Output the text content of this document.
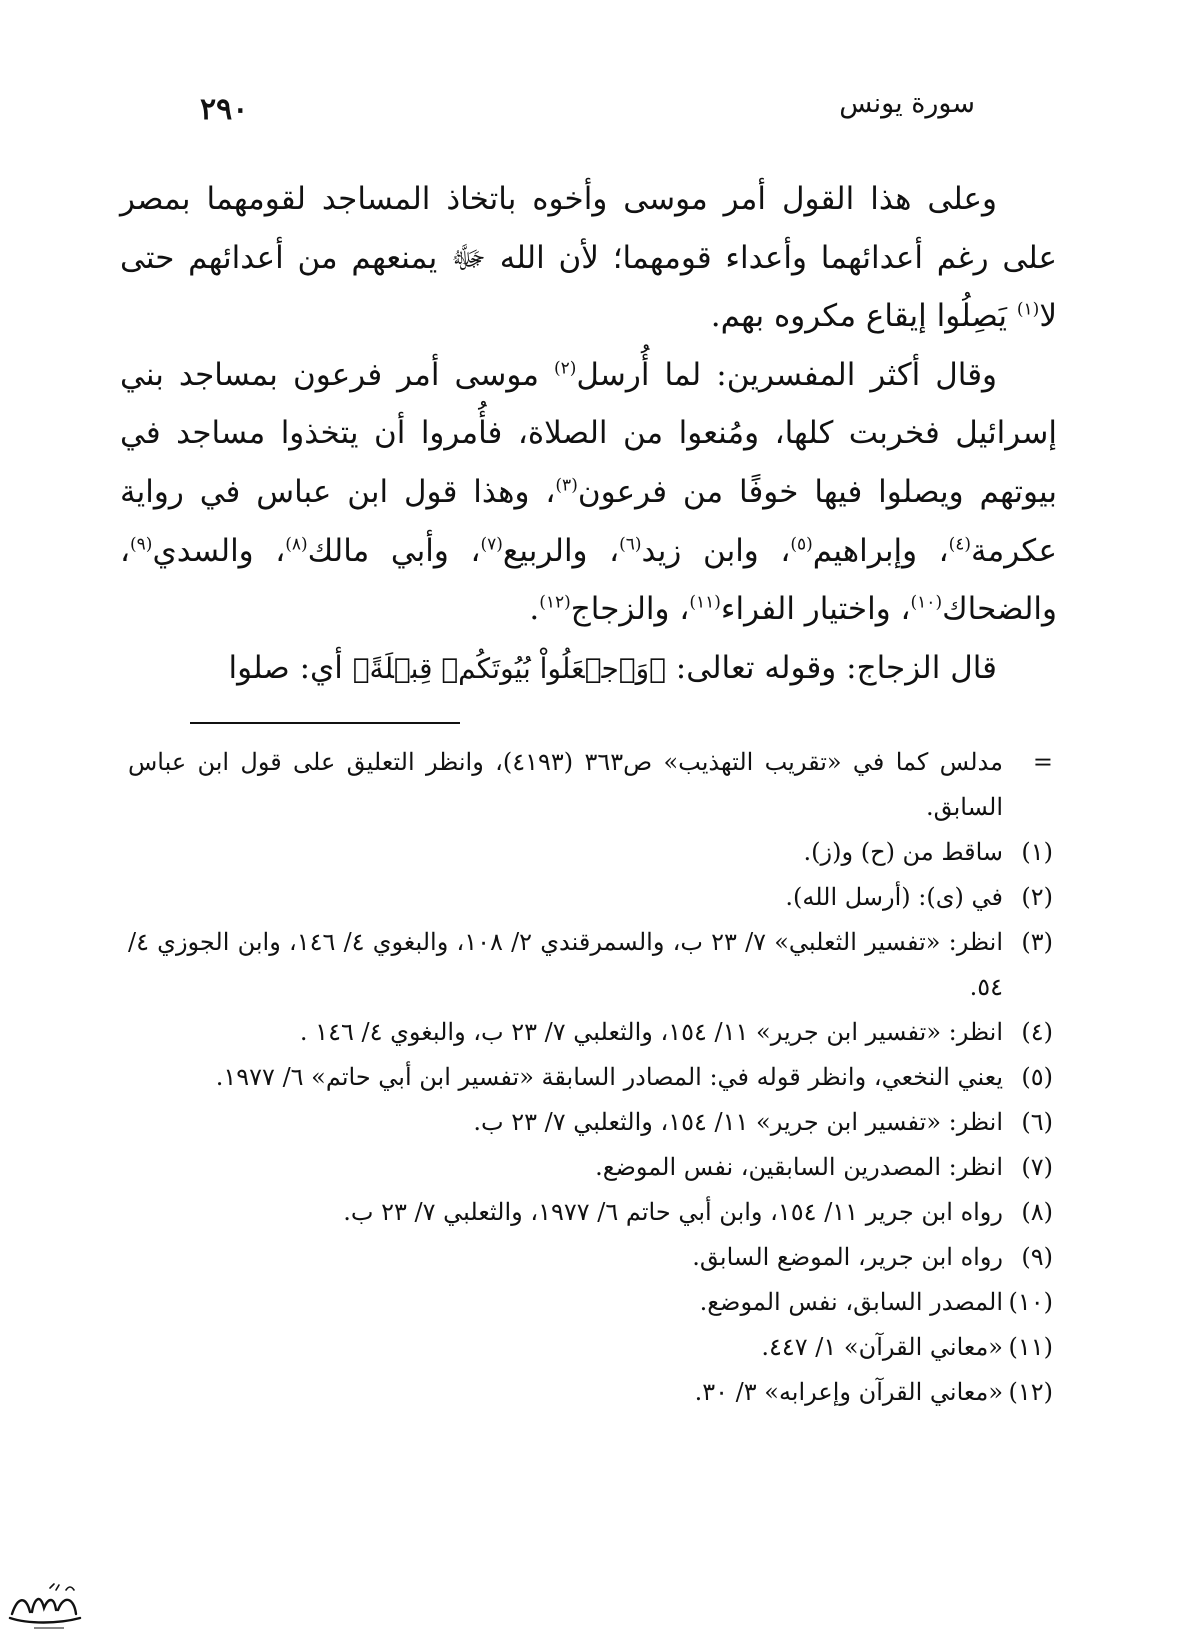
سورة يونس
٢٩٠

وعلى هذا القول أمر موسى وأخوه باتخاذ المساجد لقومهما بمصر على رغم أعدائهما وأعداء قومهما؛ لأن الله ﷻ يمنعهم من أعدائهم حتى لا$^{(١)}$ يَصِلُوا إيقاع مكروه بهم.

وقال أكثر المفسرين: لما أُرسل$^{(٢)}$ موسى أمر فرعون بمساجد بني إسرائيل فخربت كلها، ومُنعوا من الصلاة، فأُمروا أن يتخذوا مساجد في بيوتهم ويصلوا فيها خوفًا من فرعون$^{(٣)}$، وهذا قول ابن عباس في رواية عكرمة$^{(٤)}$، وإبراهيم$^{(٥)}$، وابن زيد$^{(٦)}$، والربيع$^{(٧)}$، وأبي مالك$^{(٨)}$، والسدي$^{(٩)}$، والضحاك$^{(١٠)}$، واختيار الفراء$^{(١١)}$، والزجاج$^{(١٢)}$.

قال الزجاج: وقوله تعالى: ﴿وَٱجۡعَلُواْ بُيُوتَكُمۡ قِبۡلَةً﴾ أي: صلوا

=
مدلس كما في «تقريب التهذيب» ص٣٦٣ (٤١٩٣)، وانظر التعليق على قول ابن عباس السابق.
(١)
ساقط من (ح) و(ز).
(٢)
في (ى): (أرسل الله).
(٣)
انظر: «تفسير الثعلبي» ٧/ ٢٣ ب، والسمرقندي ٢/ ١٠٨، والبغوي ٤/ ١٤٦، وابن الجوزي ٤/ ٥٤.
(٤)
انظر: «تفسير ابن جرير» ١١/ ١٥٤، والثعلبي ٧/ ٢٣ ب، والبغوي ٤/ ١٤٦ .
(٥)
يعني النخعي، وانظر قوله في: المصادر السابقة «تفسير ابن أبي حاتم» ٦/ ١٩٧٧.
(٦)
انظر: «تفسير ابن جرير» ١١/ ١٥٤، والثعلبي ٧/ ٢٣ ب.
(٧)
انظر: المصدرين السابقين، نفس الموضع.
(٨)
رواه ابن جرير ١١/ ١٥٤، وابن أبي حاتم ٦/ ١٩٧٧، والثعلبي ٧/ ٢٣ ب.
(٩)
رواه ابن جرير، الموضع السابق.
(١٠)
المصدر السابق، نفس الموضع.
(١١)
«معاني القرآن» ١/ ٤٤٧.
(١٢)
«معاني القرآن وإعرابه» ٣/ ٣٠.
